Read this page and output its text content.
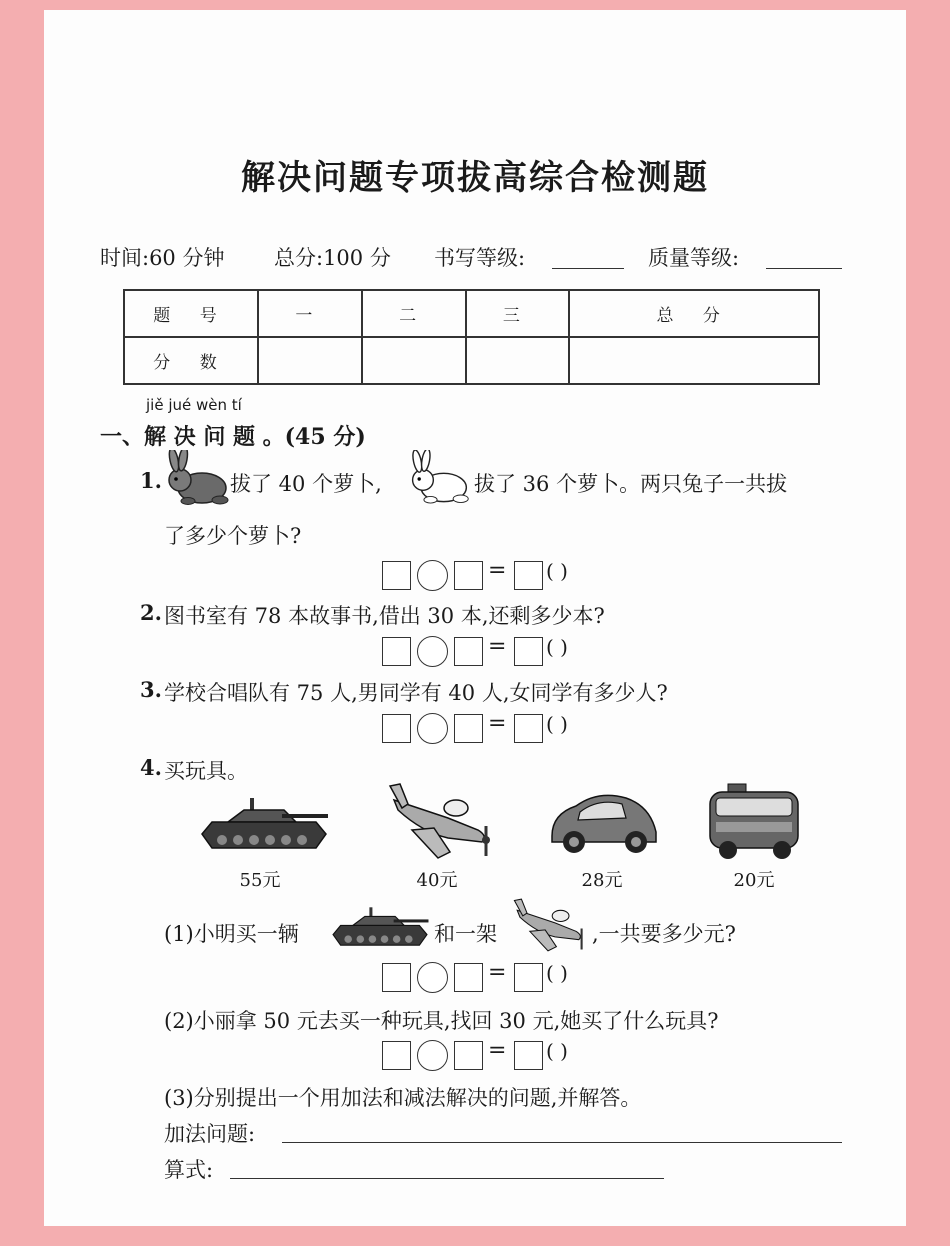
解决问题专项拔高综合检测题
时间:60 分钟 总分:100 分 书写等级:	质量等级:
题 号	一	二	三	总 分
分 数				
jiě jué wèn tí
一、解 决 问 题 。(45 分)
1.	拔了 40 个萝卜,	拔了 36 个萝卜。两只兔子一共拔
了多少个萝卜?
= ( )
2. 图书室有 78 本故事书,借出 30 本,还剩多少本?
= ( )
3. 学校合唱队有 75 人,男同学有 40 人,女同学有多少人?
= ( )
4. 买玩具。
55元	40元	28元	20元
(1)小明买一辆	和一架	,一共要多少元?
= ( )
(2)小丽拿 50 元去买一种玩具,找回 30 元,她买了什么玩具?
= ( )
(3)分别提出一个用加法和减法解决的问题,并解答。
加法问题:
算式:
